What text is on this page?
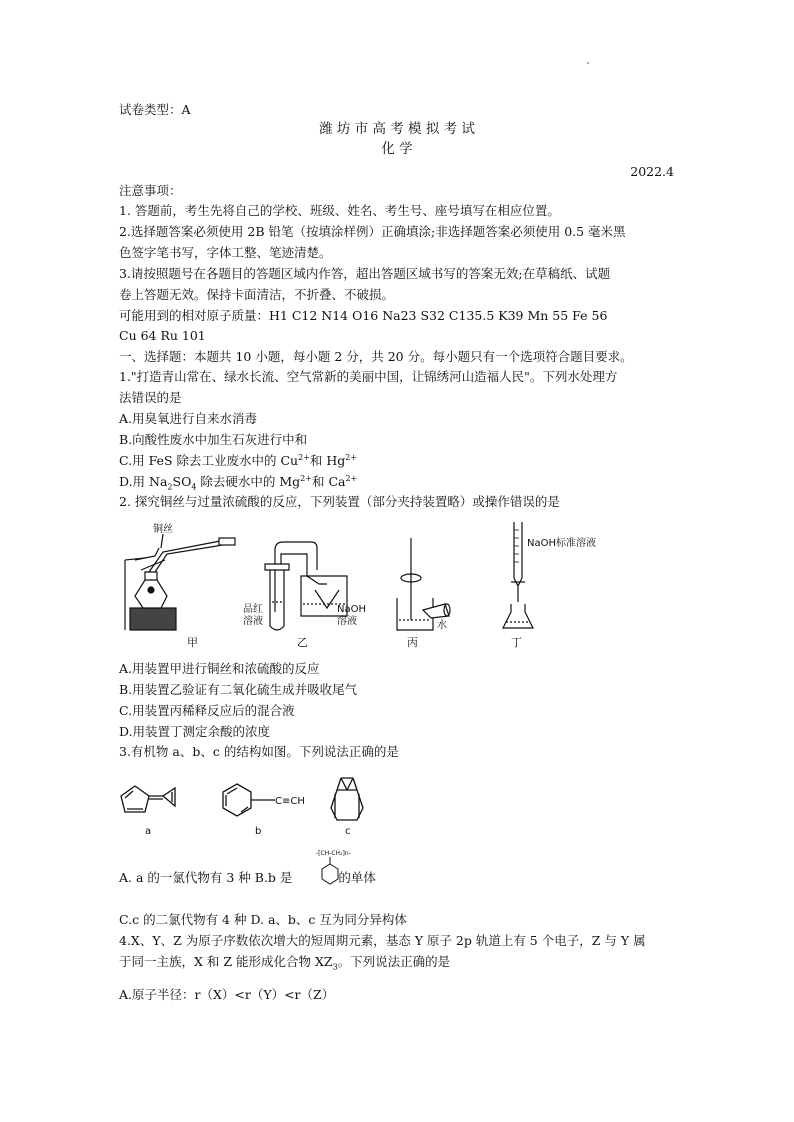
试卷类型：A
潍 坊 市 高 考 模 拟 考 试
化 学
2022.4
注意事项：
1. 答题前，考生先将自己的学校、班级、姓名、考生号、座号填写在相应位置。
2.选择题答案必须使用 2B 铅笔（按填涂样例）正确填涂;非选择题答案必须使用 0.5 毫米黑
色签字笔书写，字体工整、笔迹清楚。
3.请按照题号在各题目的答题区域内作答，超出答题区域书写的答案无效;在草稿纸、试题
卷上答题无效。保持卡面清洁，不折叠、不破损。
可能用到的相对原子质量：H1 C12 N14 O16 Na23 S32 C135.5 K39 Mn 55 Fe 56
Cu 64 Ru 101
一、选择题：本题共 10 小题，每小题 2 分，共 20 分。每小题只有一个选项符合题目要求。
1."打造青山常在、绿水长流、空气常新的美丽中国，让锦绣河山造福人民"。下列水处理方
法错误的是
A.用臭氧进行自来水消毒
B.向酸性废水中加生石灰进行中和
C.用 FeS 除去工业废水中的 $Cu^{2+}$和 $Hg^{2+}$
D.用 $Na_2SO_4$ 除去硬水中的 $Mg^{2+}$和 $Ca^{2+}$
2. 探究铜丝与过量浓硫酸的反应，下列装置（部分夹持装置略）或操作错误的是
铜丝
甲
品红
溶液
NaOH
溶液
乙
水
丙
NaOH标准溶液
丁
A.用装置甲进行铜丝和浓硫酸的反应
B.用装置乙验证有二氧化硫生成并吸收尾气
C.用装置丙稀释反应后的混合液
D.用装置丁测定余酸的浓度
3.有机物 a、b、c 的结构如图。下列说法正确的是
a
C≡CH
b	c
A. a 的一氯代物有 3 种 B.b 是	的单体
-[CH-CH₂]n-
C.c 的二氯代物有 4 种 D. a、b、c 互为同分异构体
4.X、Y、Z 为原子序数依次增大的短周期元素，基态 Y 原子 2p 轨道上有 5 个电子，Z 与 Y 属
于同一主族，X 和 Z 能形成化合物 $XZ_3$。下列说法正确的是
A.原子半径：r（X）<r（Y）<r（Z）
